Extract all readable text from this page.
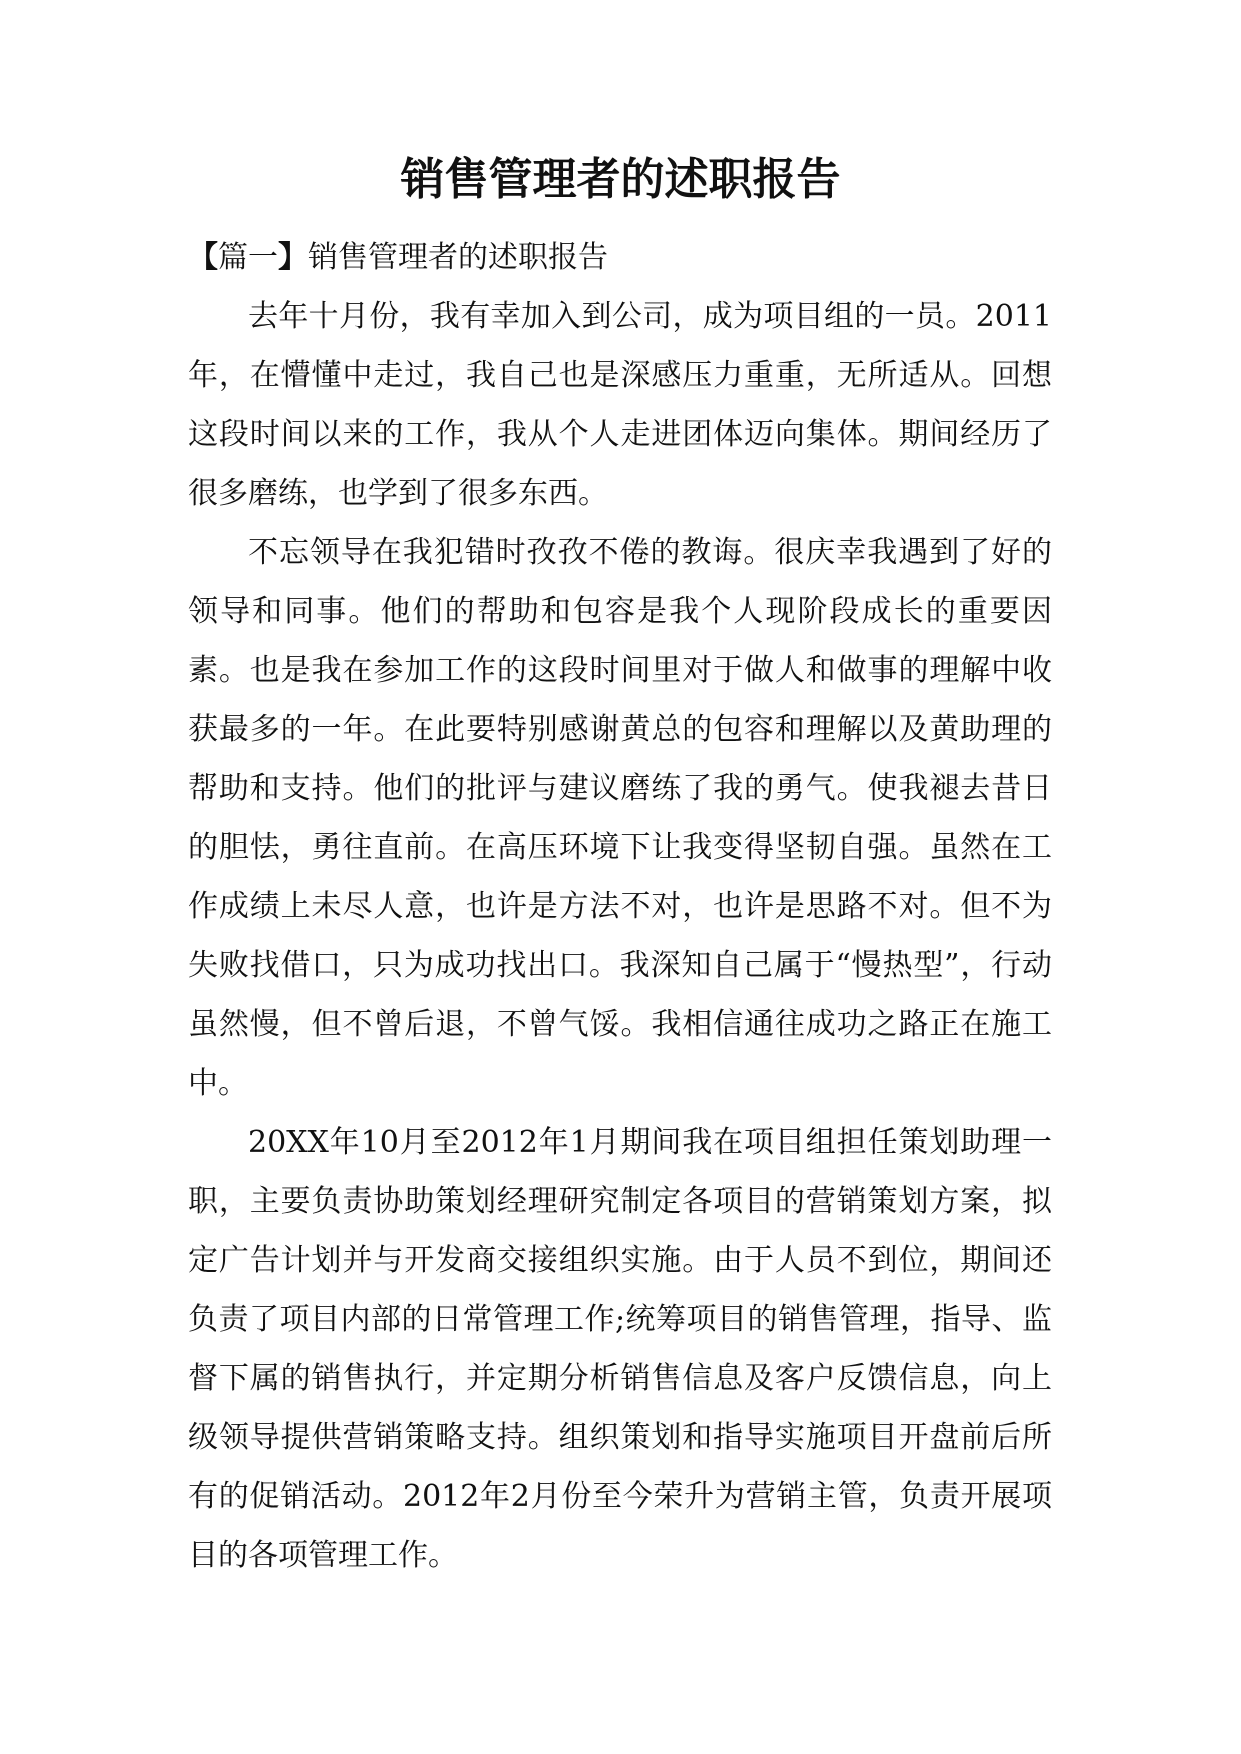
销售管理者的述职报告

【篇一】销售管理者的述职报告

去年十月份，我有幸加入到公司，成为项目组的一员。2011年，在懵懂中走过，我自己也是深感压力重重，无所适从。回想这段时间以来的工作，我从个人走进团体迈向集体。期间经历了很多磨练，也学到了很多东西。

不忘领导在我犯错时孜孜不倦的教诲。很庆幸我遇到了好的领导和同事。他们的帮助和包容是我个人现阶段成长的重要因素。也是我在参加工作的这段时间里对于做人和做事的理解中收获最多的一年。在此要特别感谢黄总的包容和理解以及黄助理的帮助和支持。他们的批评与建议磨练了我的勇气。使我褪去昔日的胆怯，勇往直前。在高压环境下让我变得坚韧自强。虽然在工作成绩上未尽人意，也许是方法不对，也许是思路不对。但不为失败找借口，只为成功找出口。我深知自己属于“慢热型”，行动虽然慢，但不曾后退，不曾气馁。我相信通往成功之路正在施工中。

20XX年10月至2012年1月期间我在项目组担任策划助理一职，主要负责协助策划经理研究制定各项目的营销策划方案，拟定广告计划并与开发商交接组织实施。由于人员不到位，期间还负责了项目内部的日常管理工作;统筹项目的销售管理，指导、监督下属的销售执行，并定期分析销售信息及客户反馈信息，向上级领导提供营销策略支持。组织策划和指导实施项目开盘前后所有的促销活动。2012年2月份至今荣升为营销主管，负责开展项目的各项管理工作。
